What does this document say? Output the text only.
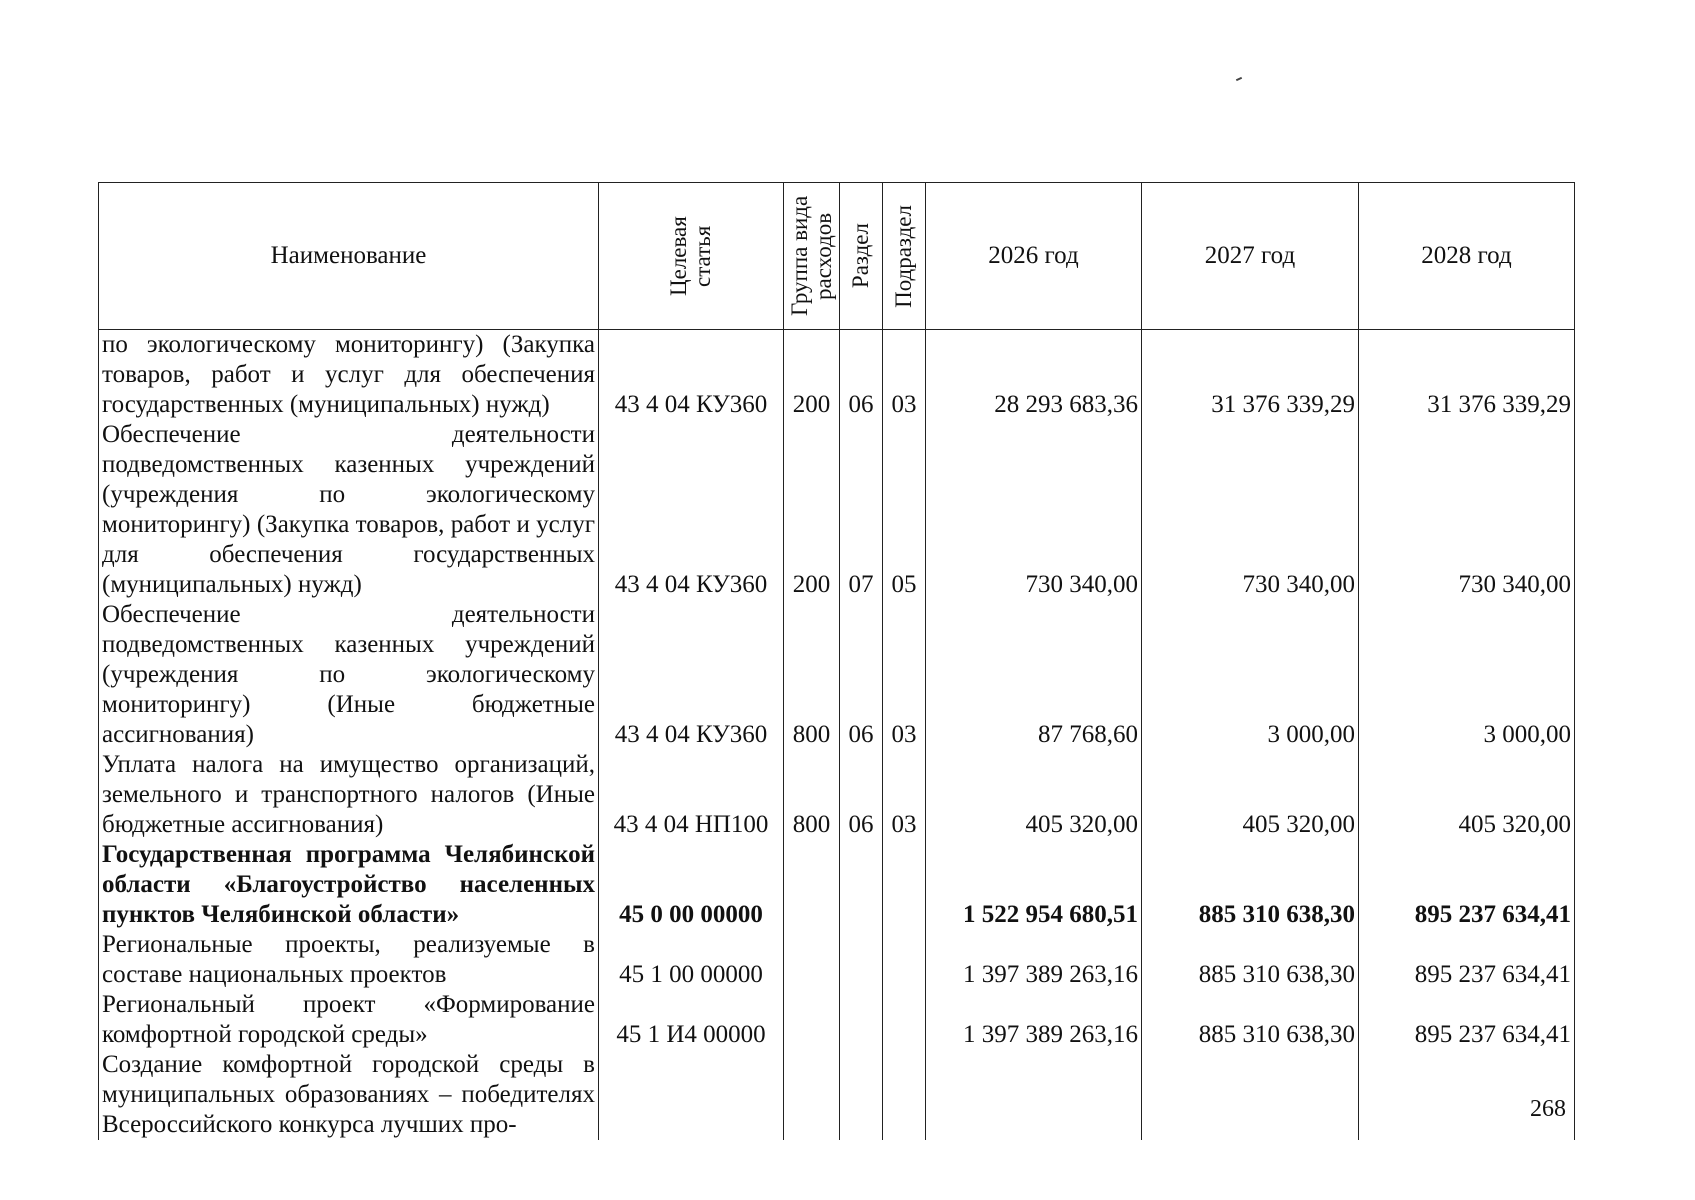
Наименование	Целевая статья	Группа вида расходов	Раздел	Подраздел	2026 год	2027 год	2028 год
по экологическому мониторингу) (Закупка товаров, работ и услуг для обеспечения государственных (муниципальных) нужд)	43 4 04 КУ360	200	06	03	28 293 683,36	31 376 339,29	31 376 339,29
Обеспечение деятельности подведомственных казенных учреждений (учреждения по экологическому мониторингу) (Закупка товаров, работ и услуг для обеспечения государственных (муниципальных) нужд)	43 4 04 КУ360	200	07	05	730 340,00	730 340,00	730 340,00
Обеспечение деятельности подведомственных казенных учреждений (учреждения по экологическому мониторингу) (Иные бюджетные ассигнования)	43 4 04 КУ360	800	06	03	87 768,60	3 000,00	3 000,00
Уплата налога на имущество организаций, земельного и транспортного налогов (Иные бюджетные ассигнования)	43 4 04 НП100	800	06	03	405 320,00	405 320,00	405 320,00
Государственная программа Челябинской области «Благоустройство населенных пунктов Челябинской области»	45 0 00 00000				1 522 954 680,51	885 310 638,30	895 237 634,41
Региональные проекты, реализуемые в составе национальных проектов	45 1 00 00000				1 397 389 263,16	885 310 638,30	895 237 634,41
Региональный проект «Формирование комфортной городской среды»	45 1 И4 00000				1 397 389 263,16	885 310 638,30	895 237 634,41
Создание комфортной городской среды в муниципальных образованиях – победителях Всероссийского конкурса лучших про-							
268
